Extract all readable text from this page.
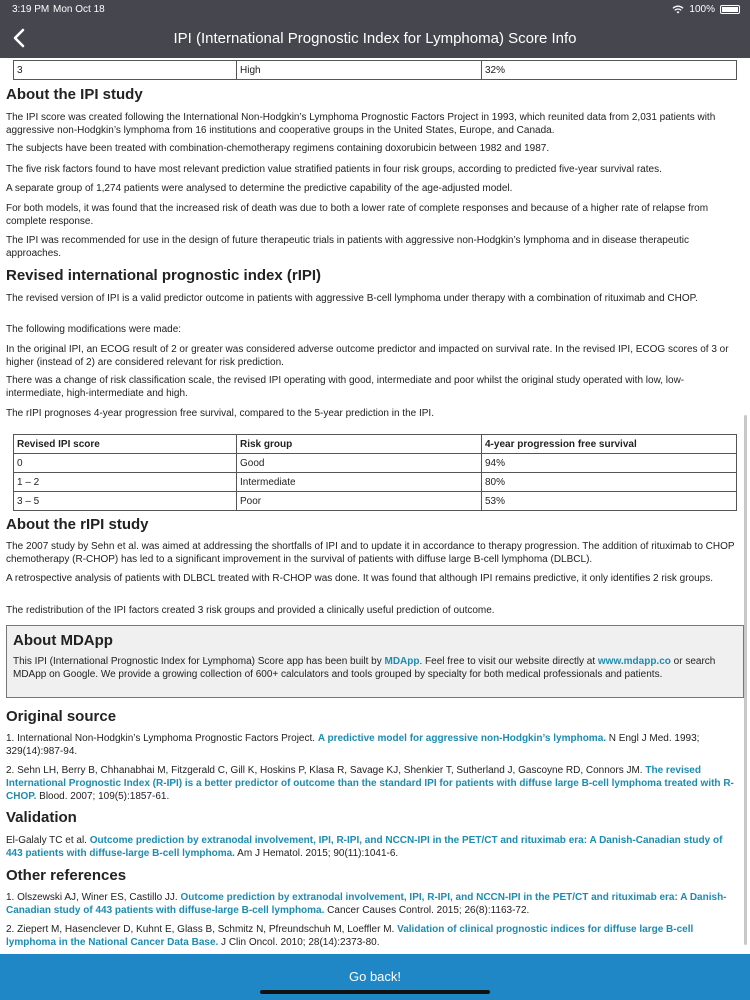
3:19 PM Mon Oct 18	100%
IPI (International Prognostic Index for Lymphoma) Score Info
3	High	32%
About the IPI study

The IPI score was created following the International Non-Hodgkin’s Lymphoma Prognostic Factors Project in 1993, which reunited data from 2,031 patients with aggressive non-Hodgkin’s lymphoma from 16 institutions and cooperative groups in the United States, Europe, and Canada.

The subjects have been treated with combination-chemotherapy regimens containing doxorubicin between 1982 and 1987.

The five risk factors found to have most relevant prediction value stratified patients in four risk groups, according to predicted five-year survival rates.

A separate group of 1,274 patients were analysed to determine the predictive capability of the age-adjusted model.

For both models, it was found that the increased risk of death was due to both a lower rate of complete responses and because of a higher rate of relapse from complete response.

The IPI was recommended for use in the design of future therapeutic trials in patients with aggressive non-Hodgkin’s lymphoma and in disease therapeutic approaches.

Revised international prognostic index (rIPI)

The revised version of IPI is a valid predictor outcome in patients with aggressive B-cell lymphoma under therapy with a combination of rituximab and CHOP.

The following modifications were made:

In the original IPI, an ECOG result of 2 or greater was considered adverse outcome predictor and impacted on survival rate. In the revised IPI, ECOG scores of 3 or higher (instead of 2) are considered relevant for risk prediction.

There was a change of risk classification scale, the revised IPI operating with good, intermediate and poor whilst the original study operated with low, low-intermediate, high-intermediate and high.

The rIPI prognoses 4-year progression free survival, compared to the 5-year prediction in the IPI.

Revised IPI score	Risk group	4-year progression free survival
0	Good	94%
1 – 2	Intermediate	80%
3 – 5	Poor	53%
About the rIPI study

The 2007 study by Sehn et al. was aimed at addressing the shortfalls of IPI and to update it in accordance to therapy progression. The addition of rituximab to CHOP chemotherapy (R-CHOP) has led to a significant improvement in the survival of patients with diffuse large B-cell lymphoma (DLBCL).

A retrospective analysis of patients with DLBCL treated with R-CHOP was done. It was found that although IPI remains predictive, it only identifies 2 risk groups.

The redistribution of the IPI factors created 3 risk groups and provided a clinically useful prediction of outcome.

About MDApp

This IPI (International Prognostic Index for Lymphoma) Score app has been built by MDApp. Feel free to visit our website directly at www.mdapp.co or search MDApp on Google. We provide a growing collection of 600+ calculators and tools grouped by specialty for both medical professionals and patients.

Original source

1. International Non-Hodgkin’s Lymphoma Prognostic Factors Project. A predictive model for aggressive non-Hodgkin’s lymphoma. N Engl J Med. 1993; 329(14):987-94.

2. Sehn LH, Berry B, Chhanabhai M, Fitzgerald C, Gill K, Hoskins P, Klasa R, Savage KJ, Shenkier T, Sutherland J, Gascoyne RD, Connors JM. The revised International Prognostic Index (R-IPI) is a better predictor of outcome than the standard IPI for patients with diffuse large B-cell lymphoma treated with R-CHOP. Blood. 2007; 109(5):1857-61.

Validation

El-Galaly TC et al. Outcome prediction by extranodal involvement, IPI, R-IPI, and NCCN-IPI in the PET/CT and rituximab era: A Danish-Canadian study of 443 patients with diffuse-large B-cell lymphoma. Am J Hematol. 2015; 90(11):1041-6.

Other references

1. Olszewski AJ, Winer ES, Castillo JJ. Outcome prediction by extranodal involvement, IPI, R-IPI, and NCCN-IPI in the PET/CT and rituximab era: A Danish-Canadian study of 443 patients with diffuse-large B-cell lymphoma. Cancer Causes Control. 2015; 26(8):1163-72.

2. Ziepert M, Hasenclever D, Kuhnt E, Glass B, Schmitz N, Pfreundschuh M, Loeffler M. Validation of clinical prognostic indices for diffuse large B-cell lymphoma in the National Cancer Data Base. J Clin Oncol. 2010; 28(14):2373-80.

Go back!
